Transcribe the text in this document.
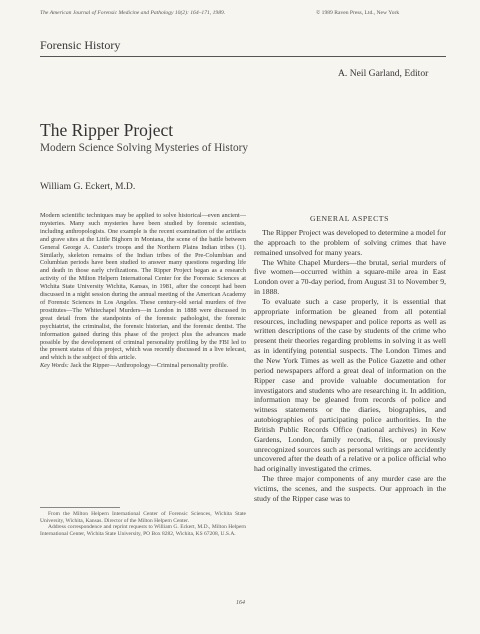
The American Journal of Forensic Medicine and Pathology 10(2): 164–171, 1989.	© 1989 Raven Press, Ltd., New York
Forensic History
A. Neil Garland, Editor
The Ripper Project
Modern Science Solving Mysteries of History
William G. Eckert, M.D.

Modern scientific techniques may be applied to solve historical—even ancient—mysteries. Many such mysteries have been studied by forensic scientists, including anthropologists. One example is the recent examination of the artifacts and grave sites at the Little Bighorn in Montana, the scene of the battle between General George A. Custer's troops and the Northern Plains Indian tribes (1). Similarly, skeleton remains of the Indian tribes of the Pre-Columbian and Columbian periods have been studied to answer many questions regarding life and death in those early civilizations. The Ripper Project began as a research activity of the Milton Helpern International Center for the Forensic Sciences at Wichita State University Wichita, Kansas, in 1981, after the concept had been discussed in a night session during the annual meeting of the American Academy of Forensic Sciences in Los Angeles. These century-old serial murders of five prostitutes—The Whitechapel Murders—in London in 1888 were discussed in great detail from the standpoints of the forensic pathologist, the forensic psychiatrist, the criminalist, the forensic historian, and the forensic dentist. The information gained during this phase of the project plus the advances made possible by the development of criminal personality profiling by the FBI led to the present status of this project, which was recently discussed in a live telecast, and which is the subject of this article.

Key Words: Jack the Ripper—Anthropology—Criminal personality profile.

From the Milton Helpern International Center of Forensic Sciences, Wichita State University, Wichita, Kansas. Director of the Milton Helpern Center.

Address correspondence and reprint requests to William G. Eckert, M.D., Milton Helpern International Center, Wichita State University, PO Box 8282, Wichita, KS 67208, U.S.A.

GENERAL ASPECTS

The Ripper Project was developed to determine a model for the approach to the problem of solving crimes that have remained unsolved for many years.

The White Chapel Murders—the brutal, serial murders of five women—occurred within a square-mile area in East London over a 70-day period, from August 31 to November 9, in 1888.

To evaluate such a case properly, it is essential that appropriate information be gleaned from all potential resources, including newspaper and police reports as well as written descriptions of the case by students of the crime who present their theories regarding problems in solving it as well as in identifying potential suspects. The London Times and the New York Times as well as the Police Gazette and other period newspapers afford a great deal of information on the Ripper case and provide valuable documentation for investigators and students who are researching it. In addition, information may be gleaned from records of police and witness statements or the diaries, biographies, and autobiographies of participating police authorities. In the British Public Records Office (national archives) in Kew Gardens, London, family records, files, or previously unrecognized sources such as personal writings are accidently uncovered after the death of a relative or a police official who had originally investigated the crimes.

The three major components of any murder case are the victims, the scenes, and the suspects. Our approach in the study of the Ripper case was to

164
